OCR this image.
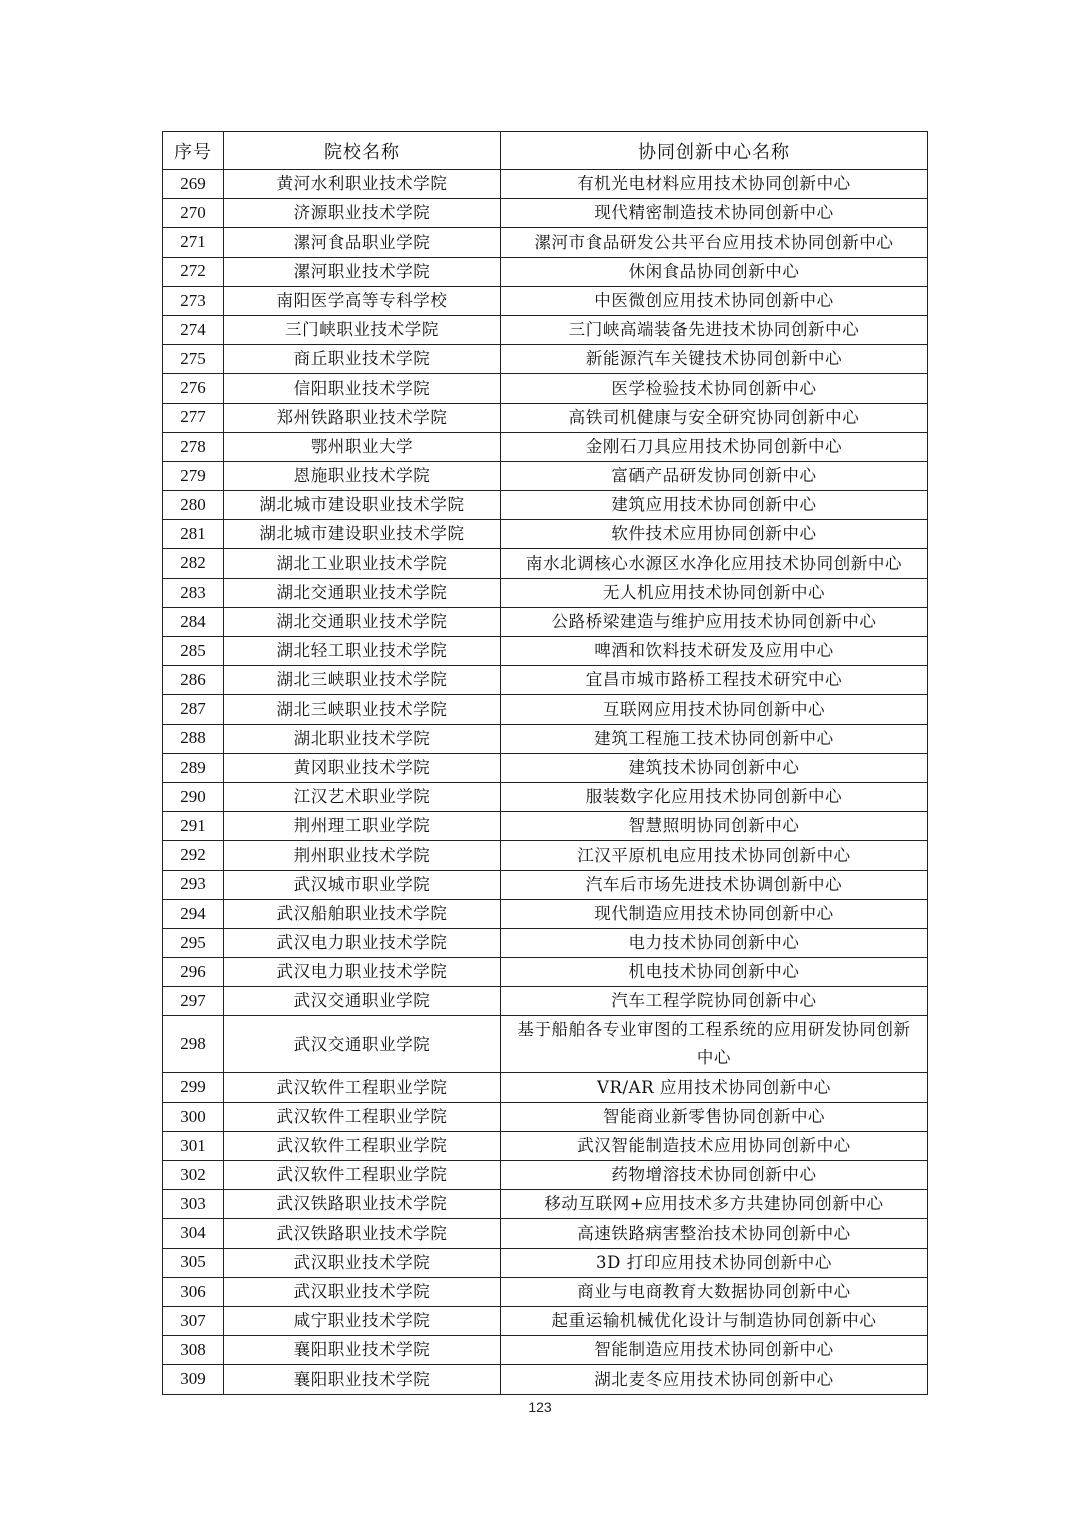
序号	院校名称	协同创新中心名称
269	黄河水利职业技术学院	有机光电材料应用技术协同创新中心
270	济源职业技术学院	现代精密制造技术协同创新中心
271	漯河食品职业学院	漯河市食品研发公共平台应用技术协同创新中心
272	漯河职业技术学院	休闲食品协同创新中心
273	南阳医学高等专科学校	中医微创应用技术协同创新中心
274	三门峡职业技术学院	三门峡高端装备先进技术协同创新中心
275	商丘职业技术学院	新能源汽车关键技术协同创新中心
276	信阳职业技术学院	医学检验技术协同创新中心
277	郑州铁路职业技术学院	高铁司机健康与安全研究协同创新中心
278	鄂州职业大学	金刚石刀具应用技术协同创新中心
279	恩施职业技术学院	富硒产品研发协同创新中心
280	湖北城市建设职业技术学院	建筑应用技术协同创新中心
281	湖北城市建设职业技术学院	软件技术应用协同创新中心
282	湖北工业职业技术学院	南水北调核心水源区水净化应用技术协同创新中心
283	湖北交通职业技术学院	无人机应用技术协同创新中心
284	湖北交通职业技术学院	公路桥梁建造与维护应用技术协同创新中心
285	湖北轻工职业技术学院	啤酒和饮料技术研发及应用中心
286	湖北三峡职业技术学院	宜昌市城市路桥工程技术研究中心
287	湖北三峡职业技术学院	互联网应用技术协同创新中心
288	湖北职业技术学院	建筑工程施工技术协同创新中心
289	黄冈职业技术学院	建筑技术协同创新中心
290	江汉艺术职业学院	服装数字化应用技术协同创新中心
291	荆州理工职业学院	智慧照明协同创新中心
292	荆州职业技术学院	江汉平原机电应用技术协同创新中心
293	武汉城市职业学院	汽车后市场先进技术协调创新中心
294	武汉船舶职业技术学院	现代制造应用技术协同创新中心
295	武汉电力职业技术学院	电力技术协同创新中心
296	武汉电力职业技术学院	机电技术协同创新中心
297	武汉交通职业学院	汽车工程学院协同创新中心
298	武汉交通职业学院	基于船舶各专业审图的工程系统的应用研发协同创新中心
299	武汉软件工程职业学院	VR/AR 应用技术协同创新中心
300	武汉软件工程职业学院	智能商业新零售协同创新中心
301	武汉软件工程职业学院	武汉智能制造技术应用协同创新中心
302	武汉软件工程职业学院	药物增溶技术协同创新中心
303	武汉铁路职业技术学院	移动互联网+应用技术多方共建协同创新中心
304	武汉铁路职业技术学院	高速铁路病害整治技术协同创新中心
305	武汉职业技术学院	3D 打印应用技术协同创新中心
306	武汉职业技术学院	商业与电商教育大数据协同创新中心
307	咸宁职业技术学院	起重运输机械优化设计与制造协同创新中心
308	襄阳职业技术学院	智能制造应用技术协同创新中心
309	襄阳职业技术学院	湖北麦冬应用技术协同创新中心
123
